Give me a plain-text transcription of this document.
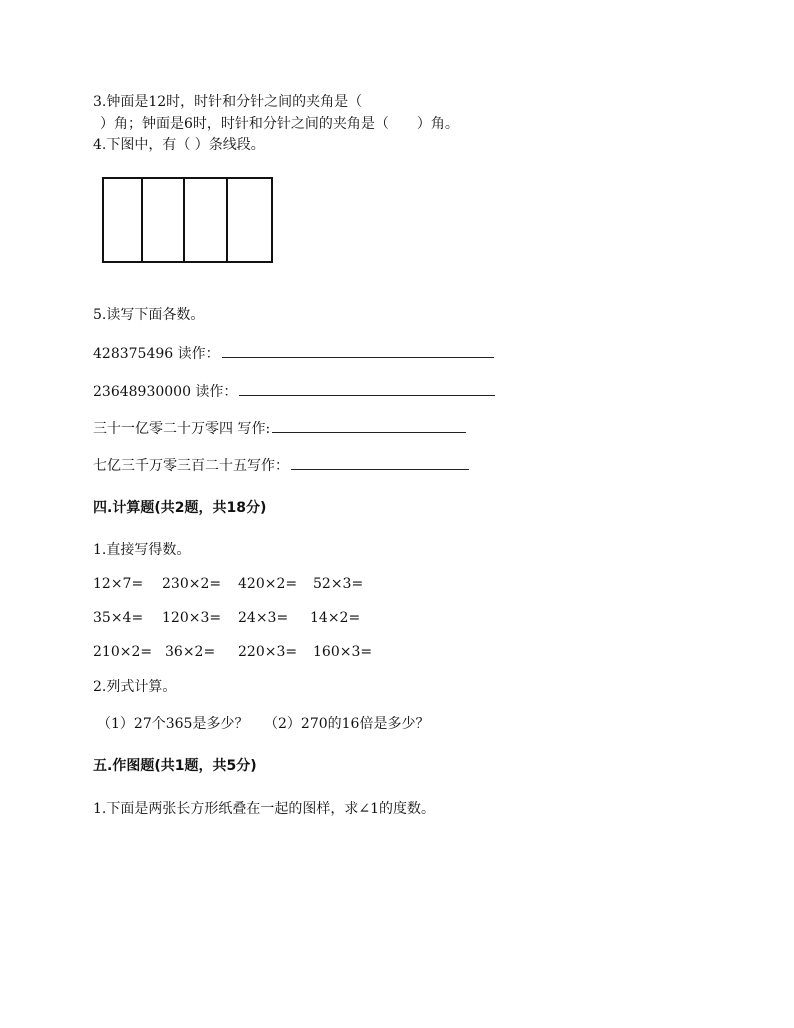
3.钟面是12时，时针和分针之间的夹角是（
）角；钟面是6时，时针和分针之间的夹角是（　　）角。
4.下图中，有（ ）条线段。
5.读写下面各数。
428375496 读作：
23648930000 读作：
三十一亿零二十万零四 写作:
七亿三千万零三百二十五写作：
四.计算题(共2题，共18分)
1.直接写得数。
12×7= 230×2= 420×2= 52×3=
35×4= 120×3= 24×3= 14×2=
210×2= 36×2= 220×3= 160×3=
2.列式计算。
（1）27个365是多少？ （2）270的16倍是多少？
五.作图题(共1题，共5分)
1.下面是两张长方形纸叠在一起的图样，求∠1的度数。
